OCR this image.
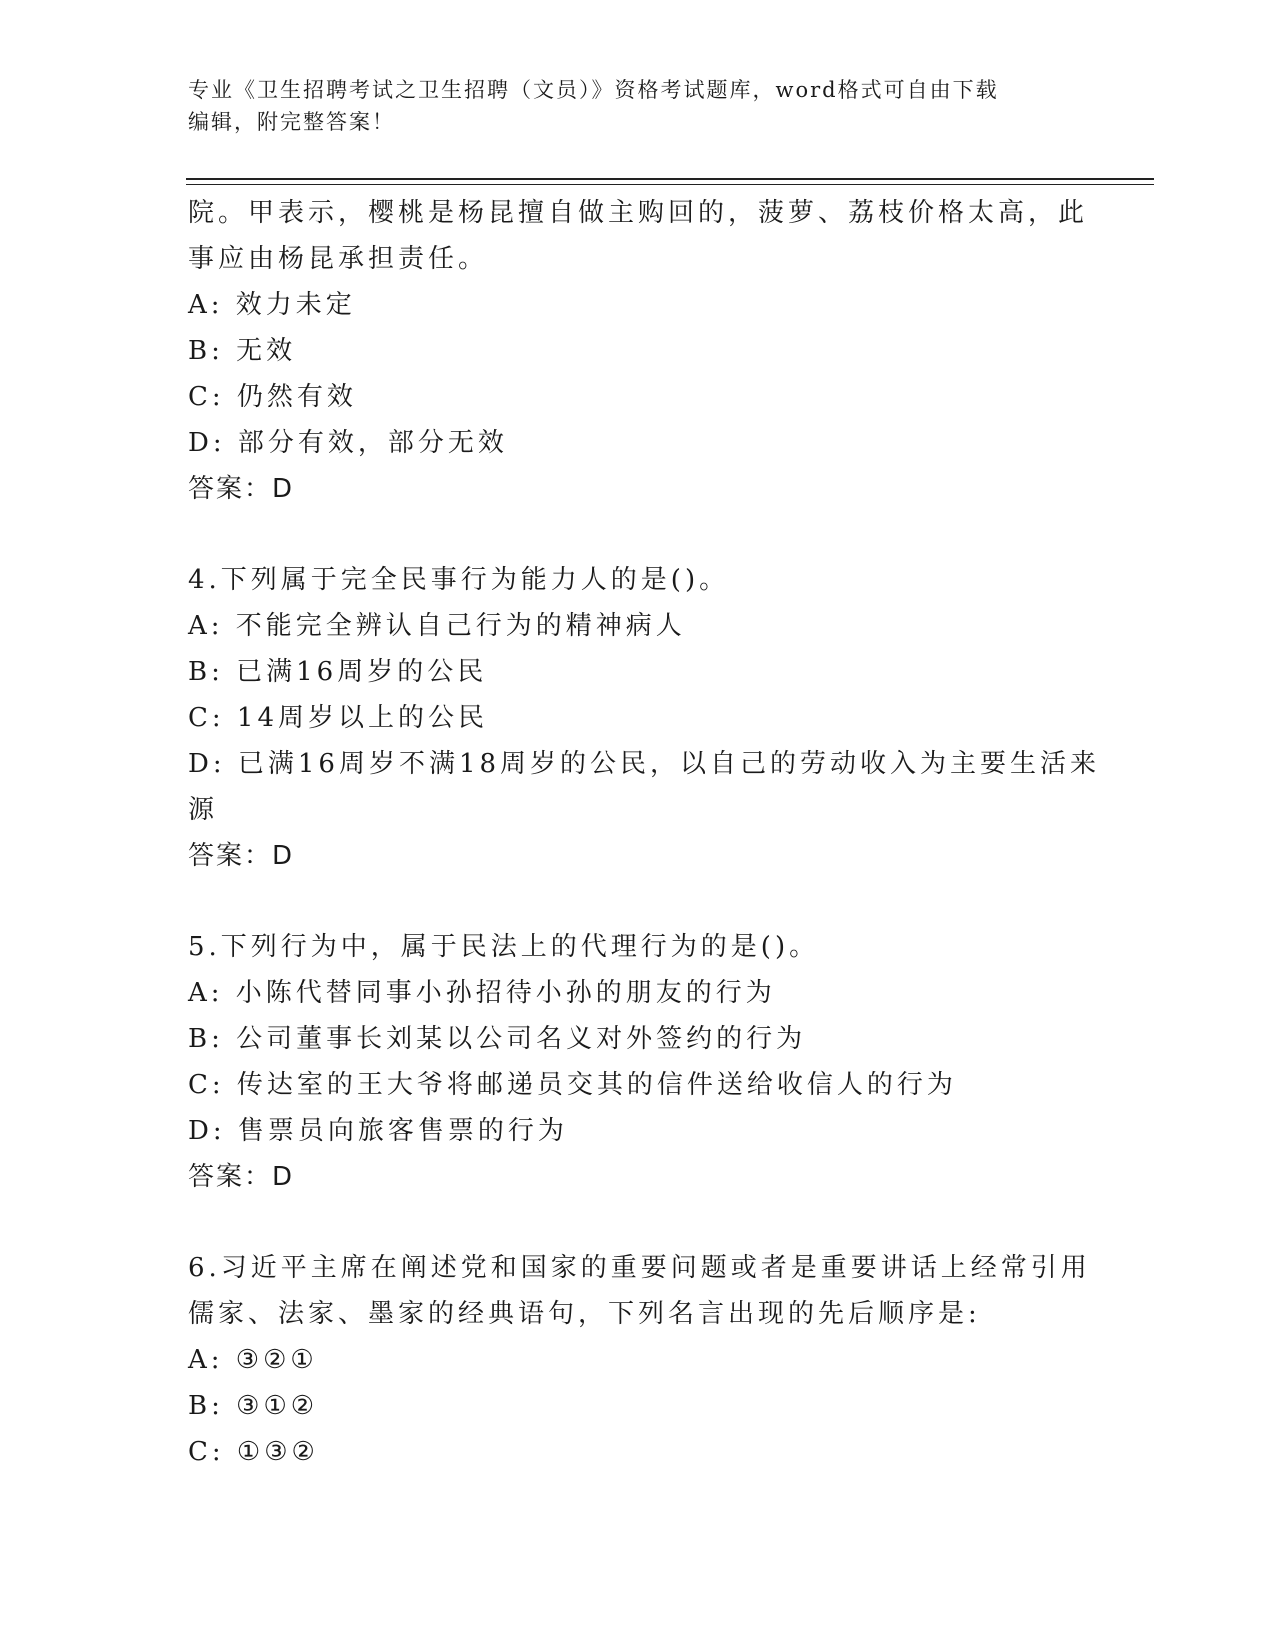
专业《卫生招聘考试之卫生招聘（文员）》资格考试题库，word格式可自由下载
编辑，附完整答案！
院。甲表示，樱桃是杨昆擅自做主购回的，菠萝、荔枝价格太高，此
事应由杨昆承担责任。
A: 效力未定
B: 无效
C: 仍然有效
D: 部分有效，部分无效
答案：D
4.下列属于完全民事行为能力人的是()。
A: 不能完全辨认自己行为的精神病人
B: 已满16周岁的公民
C: 14周岁以上的公民
D: 已满16周岁不满18周岁的公民，以自己的劳动收入为主要生活来
源
答案：D
5.下列行为中，属于民法上的代理行为的是()。
A: 小陈代替同事小孙招待小孙的朋友的行为
B: 公司董事长刘某以公司名义对外签约的行为
C: 传达室的王大爷将邮递员交其的信件送给收信人的行为
D: 售票员向旅客售票的行为
答案：D
6.习近平主席在阐述党和国家的重要问题或者是重要讲话上经常引用
儒家、法家、墨家的经典语句，下列名言出现的先后顺序是:
A: ③②①
B: ③①②
C: ①③②
